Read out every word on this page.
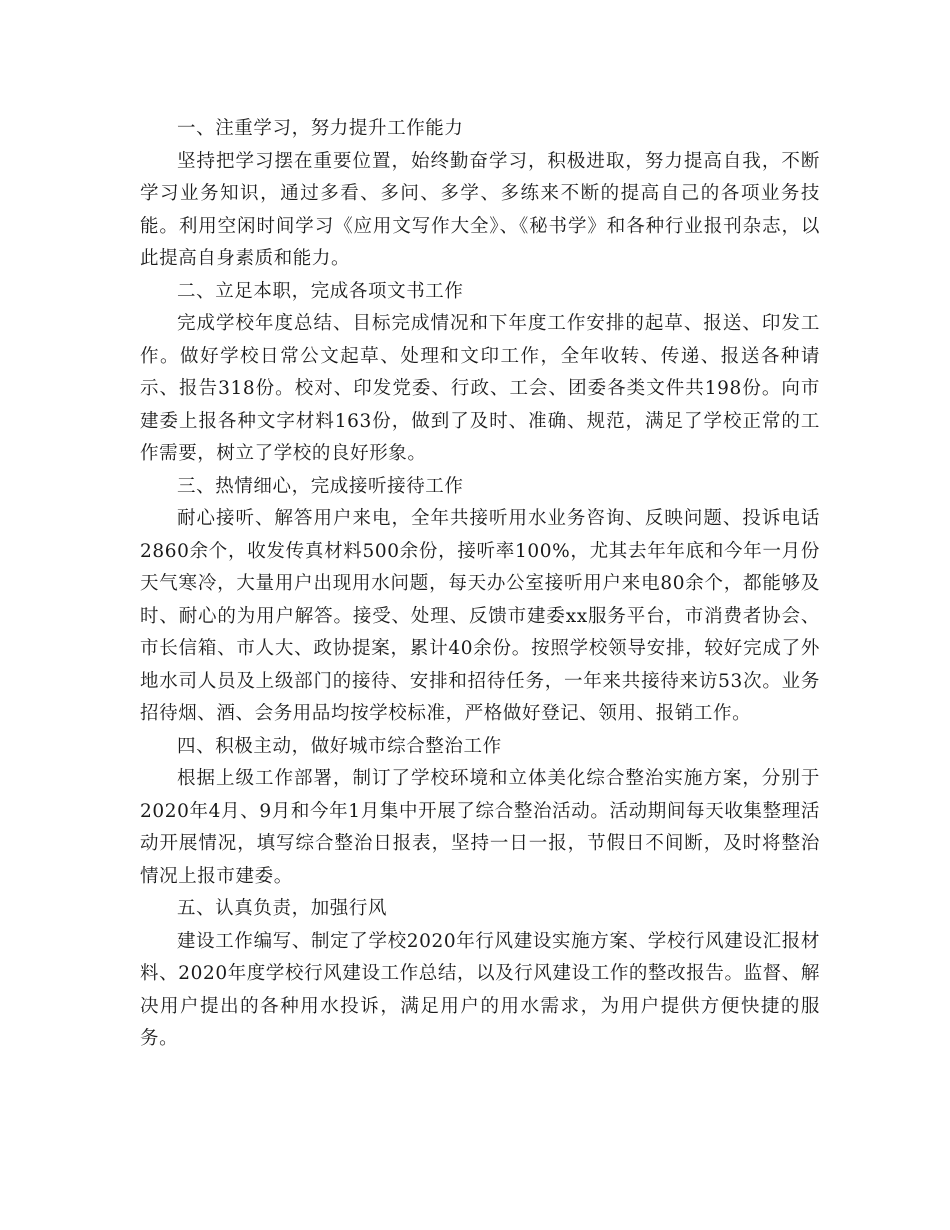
一、注重学习，努力提升工作能力

坚持把学习摆在重要位置，始终勤奋学习，积极进取，努力提高自我，不断学习业务知识，通过多看、多问、多学、多练来不断的提高自己的各项业务技能。利用空闲时间学习《应用文写作大全》、《秘书学》和各种行业报刊杂志，以此提高自身素质和能力。

二、立足本职，完成各项文书工作

完成学校年度总结、目标完成情况和下年度工作安排的起草、报送、印发工作。做好学校日常公文起草、处理和文印工作，全年收转、传递、报送各种请示、报告318份。校对、印发党委、行政、工会、团委各类文件共198份。向市建委上报各种文字材料163份，做到了及时、准确、规范，满足了学校正常的工作需要，树立了学校的良好形象。

三、热情细心，完成接听接待工作

耐心接听、解答用户来电，全年共接听用水业务咨询、反映问题、投诉电话2860余个，收发传真材料500余份，接听率100%，尤其去年年底和今年一月份天气寒冷，大量用户出现用水问题，每天办公室接听用户来电80余个，都能够及时、耐心的为用户解答。接受、处理、反馈市建委xx服务平台，市消费者协会、市长信箱、市人大、政协提案，累计40余份。按照学校领导安排，较好完成了外地水司人员及上级部门的接待、安排和招待任务，一年来共接待来访53次。业务招待烟、酒、会务用品均按学校标准，严格做好登记、领用、报销工作。

四、积极主动，做好城市综合整治工作

根据上级工作部署，制订了学校环境和立体美化综合整治实施方案，分别于2020年4月、9月和今年1月集中开展了综合整治活动。活动期间每天收集整理活动开展情况，填写综合整治日报表，坚持一日一报，节假日不间断，及时将整治情况上报市建委。

五、认真负责，加强行风

建设工作编写、制定了学校2020年行风建设实施方案、学校行风建设汇报材料、2020年度学校行风建设工作总结，以及行风建设工作的整改报告。监督、解决用户提出的各种用水投诉，满足用户的用水需求，为用户提供方便快捷的服务。
